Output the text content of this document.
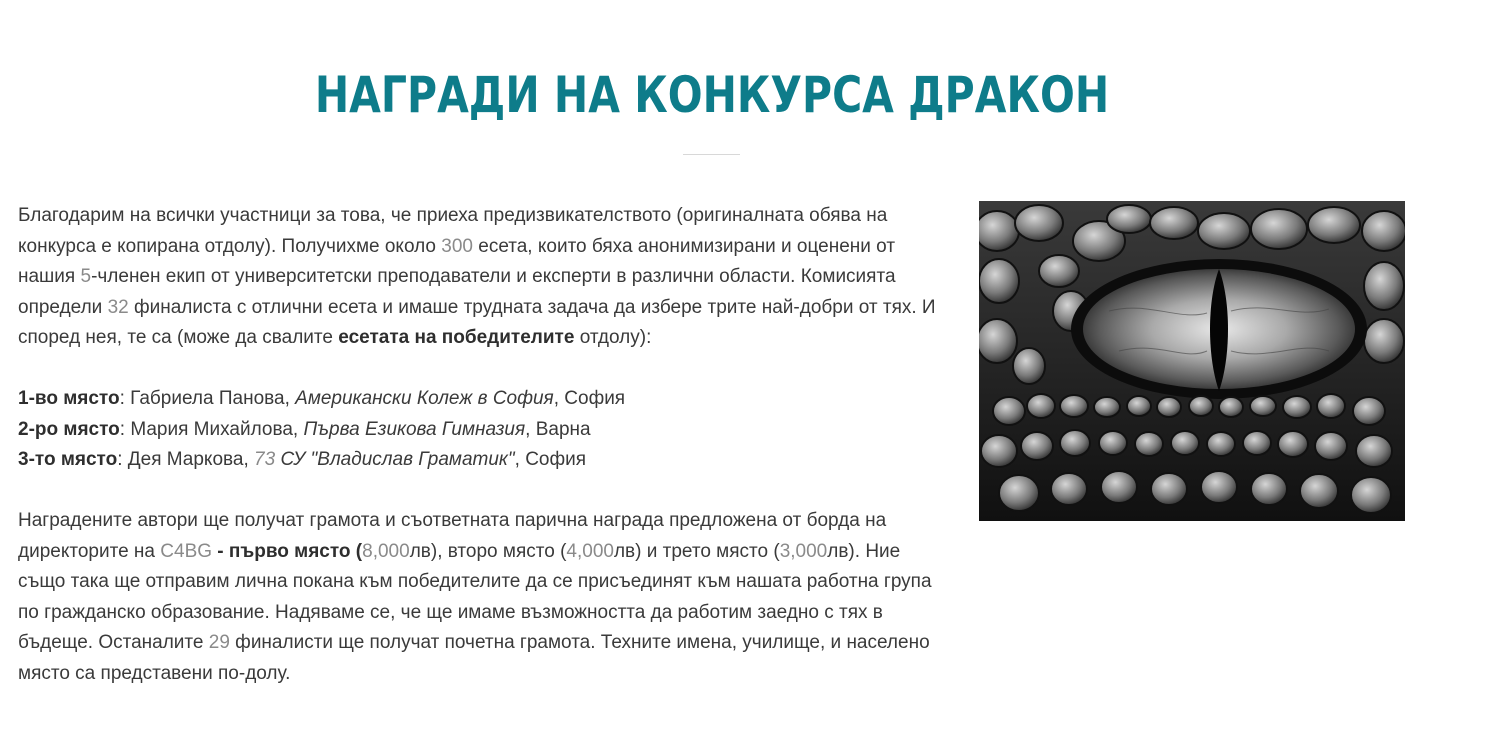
НАГРАДИ НА КОНКУРСА ДРАКОН

Благодарим на всички участници за това, че приеха предизвикателството (оригиналната обява на конкурса е копирана отдолу). Получихме около 300 есета, които бяха анонимизирани и оценени от нашия 5-членен екип от университетски преподаватели и експерти в различни области. Комисията определи 32 финалиста с отлични есета и имаше трудната задача да избере трите най-добри от тях. И според нея, те са (може да свалите есетата на победителите отдолу):

1-во място: Габриела Панова, Американски Колеж в София, София

2-ро място: Мария Михайлова, Първа Езикова Гимназия, Варна

3-то място: Дея Маркова, 73 СУ "Владислав Граматик", София

Наградените автори ще получат грамота и съответната парична награда предложена от борда на директорите на C4BG - първо място (8,000лв), второ място (4,000лв) и трето място (3,000лв). Ние също така ще отправим лична покана към победителите да се присъединят към нашата работна група по гражданско образование. Надяваме се, че ще имаме възможността да работим заедно с тях в бъдеще. Останалите 29 финалисти ще получат почетна грамота. Техните имена, училище, и населено място са представени по-долу.
